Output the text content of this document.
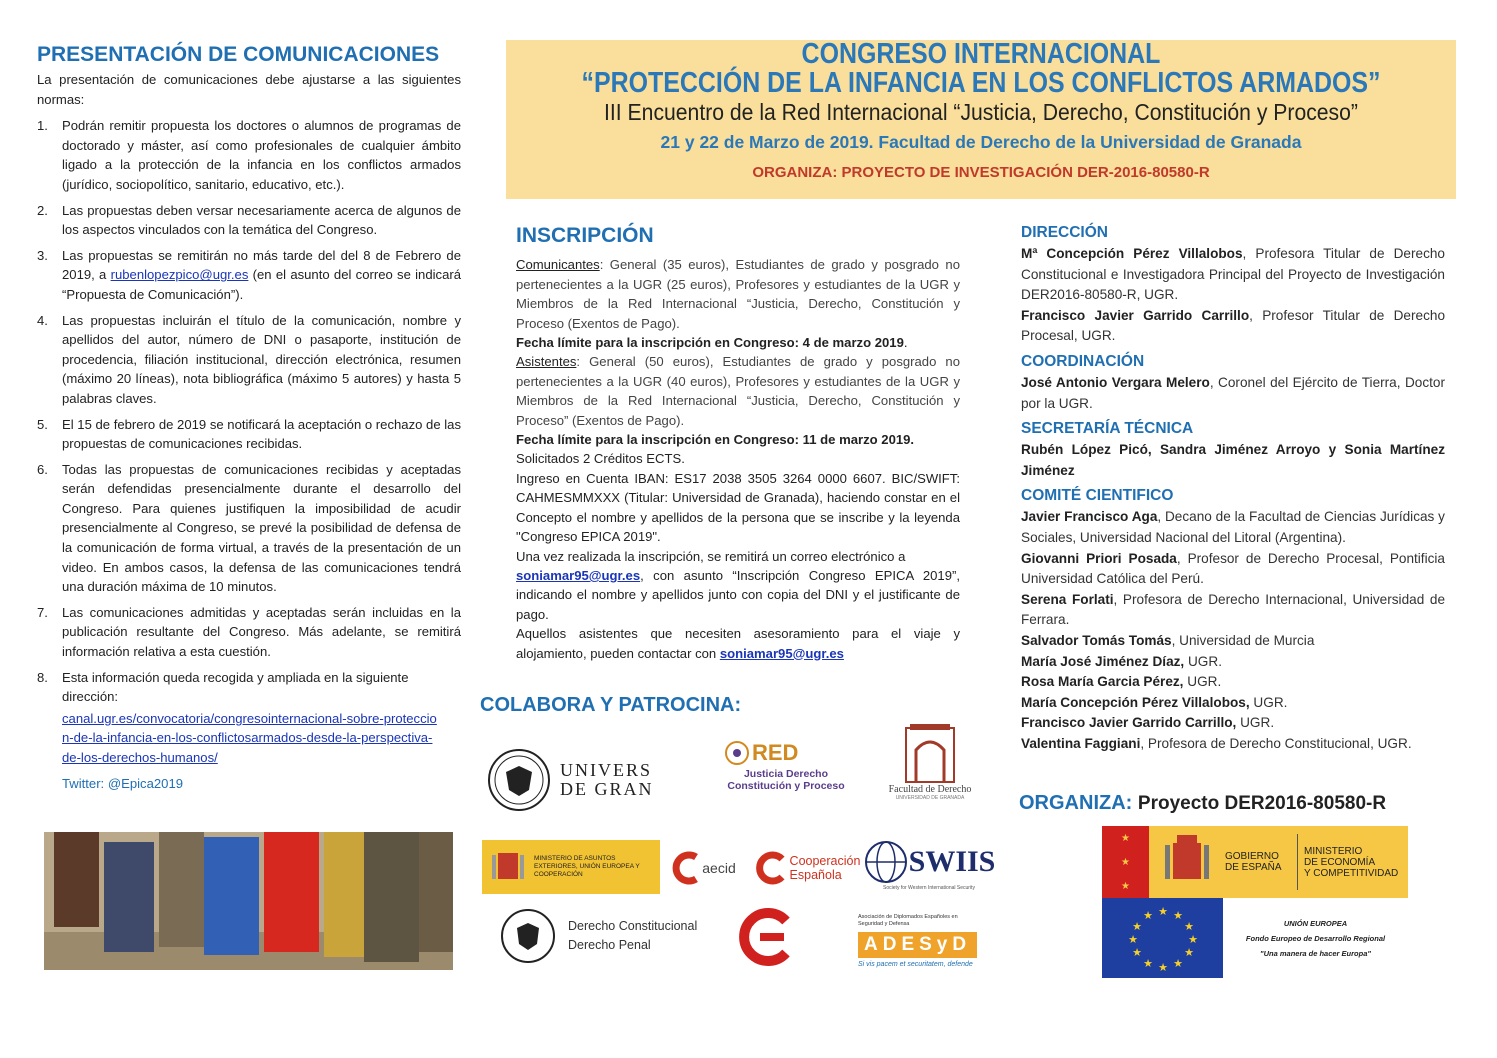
PRESENTACIÓN DE COMUNICACIONES
La presentación de comunicaciones debe ajustarse a las siguientes normas:
1. Podrán remitir propuesta los doctores o alumnos de programas de doctorado y máster, así como profesionales de cualquier ámbito ligado a la protección de la infancia en los conflictos armados (jurídico, sociopolítico, sanitario, educativo, etc.).
2. Las propuestas deben versar necesariamente acerca de algunos de los aspectos vinculados con la temática del Congreso.
3. Las propuestas se remitirán no más tarde del del 8 de Febrero de 2019, a rubenlopezpico@ugr.es (en el asunto del correo se indicará “Propuesta de Comunicación”).
4. Las propuestas incluirán el título de la comunicación, nombre y apellidos del autor, número de DNI o pasaporte, institución de procedencia, filiación institucional, dirección electrónica, resumen (máximo 20 líneas), nota bibliográfica (máximo 5 autores) y hasta 5 palabras claves.
5. El 15 de febrero de 2019 se notificará la aceptación o rechazo de las propuestas de comunicaciones recibidas.
6. Todas las propuestas de comunicaciones recibidas y aceptadas serán defendidas presencialmente durante el desarrollo del Congreso. Para quienes justifiquen la imposibilidad de acudir presencialmente al Congreso, se prevé la posibilidad de defensa de la comunicación de forma virtual, a través de la presentación de un video. En ambos casos, la defensa de las comunicaciones tendrá una duración máxima de 10 minutos.
7. Las comunicaciones admitidas y aceptadas serán incluidas en la publicación resultante del Congreso. Más adelante, se remitirá información relativa a esta cuestión.
8. Esta información queda recogida y ampliada en la siguiente dirección:
canal.ugr.es/convocatoria/congresointernacional-sobre-proteccion-de-la-infancia-en-los-conflictosarmados-desde-la-perspectiva-de-los-derechos-humanos/
Twitter: @Epica2019
CONGRESO INTERNACIONAL
“PROTECCIÓN DE LA INFANCIA EN LOS CONFLICTOS ARMADOS”
III Encuentro de la Red Internacional “Justicia, Derecho, Constitución y Proceso”
21 y 22 de Marzo de 2019. Facultad de Derecho de la Universidad de Granada
ORGANIZA: PROYECTO DE INVESTIGACIÓN DER-2016-80580-R
INSCRIPCIÓN
Comunicantes: General (35 euros), Estudiantes de grado y posgrado no pertenecientes a la UGR (25 euros), Profesores y estudiantes de la UGR y Miembros de la Red Internacional “Justicia, Derecho, Constitución y Proceso (Exentos de Pago).
Fecha límite para la inscripción en Congreso: 4 de marzo 2019.
Asistentes: General (50 euros), Estudiantes de grado y posgrado no pertenecientes a la UGR (40 euros), Profesores y estudiantes de la UGR y Miembros de la Red Internacional “Justicia, Derecho, Constitución y Proceso” (Exentos de Pago).
Fecha límite para la inscripción en Congreso: 11 de marzo 2019.
Solicitados 2 Créditos ECTS.
Ingreso en Cuenta IBAN: ES17 2038 3505 3264 0000 6607. BIC/SWIFT: CAHMESMMXXX (Titular: Universidad de Granada), haciendo constar en el Concepto el nombre y apellidos de la persona que se inscribe y la leyenda "Congreso EPICA 2019".
Una vez realizada la inscripción, se remitirá un correo electrónico a
soniamar95@ugr.es, con asunto “Inscripción Congreso EPICA 2019”, indicando el nombre y apellidos junto con copia del DNI y el justificante de pago.
Aquellos asistentes que necesiten asesoramiento para el viaje y alojamiento, pueden contactar con soniamar95@ugr.es
COLABORA Y PATROCINA:
UNIVERS
DE GRAN
RED
Justicia Derecho
Constitución y Proceso	Facultad de Derecho
UNIVERSIDAD DE GRANADA
MINISTERIO DE ASUNTOS EXTERIORES, UNIÓN EUROPEA Y COOPERACIÓN	aecid	Cooperación
Española	SWIIS
Society for Western International Security
Derecho Constitucional
Derecho Penal
Asociación de Diplomados Españoles en Seguridad y Defensa
ADESyD
Si vis pacem et securitatem, defende
DIRECCIÓN

Mª Concepción Pérez Villalobos, Profesora Titular de Derecho Constitucional e Investigadora Principal del Proyecto de Investigación DER2016-80580-R, UGR.

Francisco Javier Garrido Carrillo, Profesor Titular de Derecho Procesal, UGR.

COORDINACIÓN

José Antonio Vergara Melero, Coronel del Ejército de Tierra, Doctor por la UGR.

SECRETARÍA TÉCNICA

Rubén López Picó, Sandra Jiménez Arroyo y Sonia Martínez Jiménez

COMITÉ CIENTIFICO

Javier Francisco Aga, Decano de la Facultad de Ciencias Jurídicas y Sociales, Universidad Nacional del Litoral (Argentina).

Giovanni Priori Posada, Profesor de Derecho Procesal, Pontificia Universidad Católica del Perú.

Serena Forlati, Profesora de Derecho Internacional, Universidad de Ferrara.

Salvador Tomás Tomás, Universidad de Murcia

María José Jiménez Díaz, UGR.

Rosa María Garcia Pérez, UGR.

María Concepción Pérez Villalobos, UGR.

Francisco Javier Garrido Carrillo, UGR.

Valentina Faggiani, Profesora de Derecho Constitucional, UGR.

ORGANIZA: Proyecto DER2016-80580-R
★
★
★
GOBIERNO
DE ESPAÑA
MINISTERIO
DE ECONOMÍA
Y COMPETITIVIDAD
★ ★
★
★
★
★
★
★
★
★
★
★
UNIÓN EUROPEA
Fondo Europeo de Desarrollo Regional
"Una manera de hacer Europa"
